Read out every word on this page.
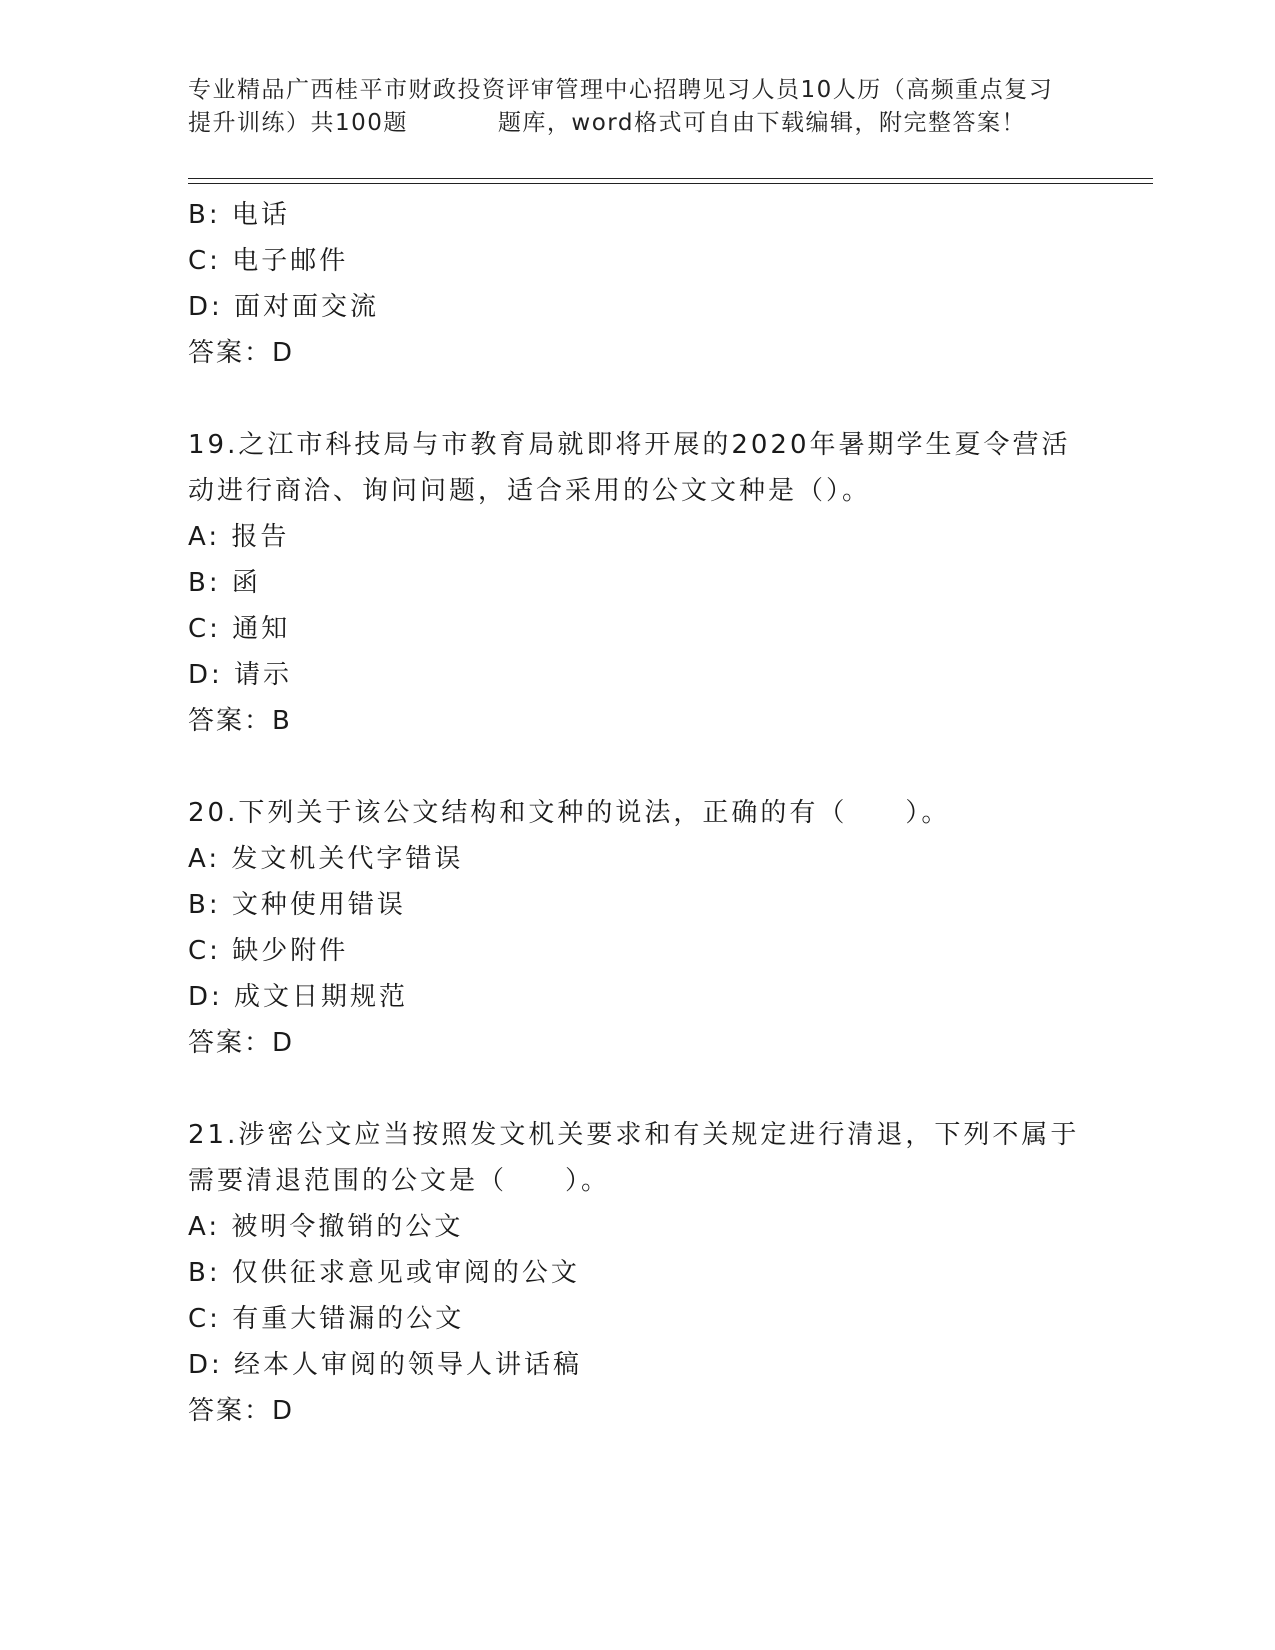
专业精品广西桂平市财政投资评审管理中心招聘见习人员10人历（高频重点复习
提升训练）共100题	题库，word格式可自由下载编辑，附完整答案！
B: 电话
C: 电子邮件
D: 面对面交流
答案：D
19.之江市科技局与市教育局就即将开展的2020年暑期学生夏令营活
动进行商洽、询问问题，适合采用的公文文种是（）。
A: 报告
B: 函
C: 通知
D: 请示
答案：B
20.下列关于该公文结构和文种的说法，正确的有（　　）。
A: 发文机关代字错误
B: 文种使用错误
C: 缺少附件
D: 成文日期规范
答案：D
21.涉密公文应当按照发文机关要求和有关规定进行清退，下列不属于
需要清退范围的公文是（　　）。
A: 被明令撤销的公文
B: 仅供征求意见或审阅的公文
C: 有重大错漏的公文
D: 经本人审阅的领导人讲话稿
答案：D
